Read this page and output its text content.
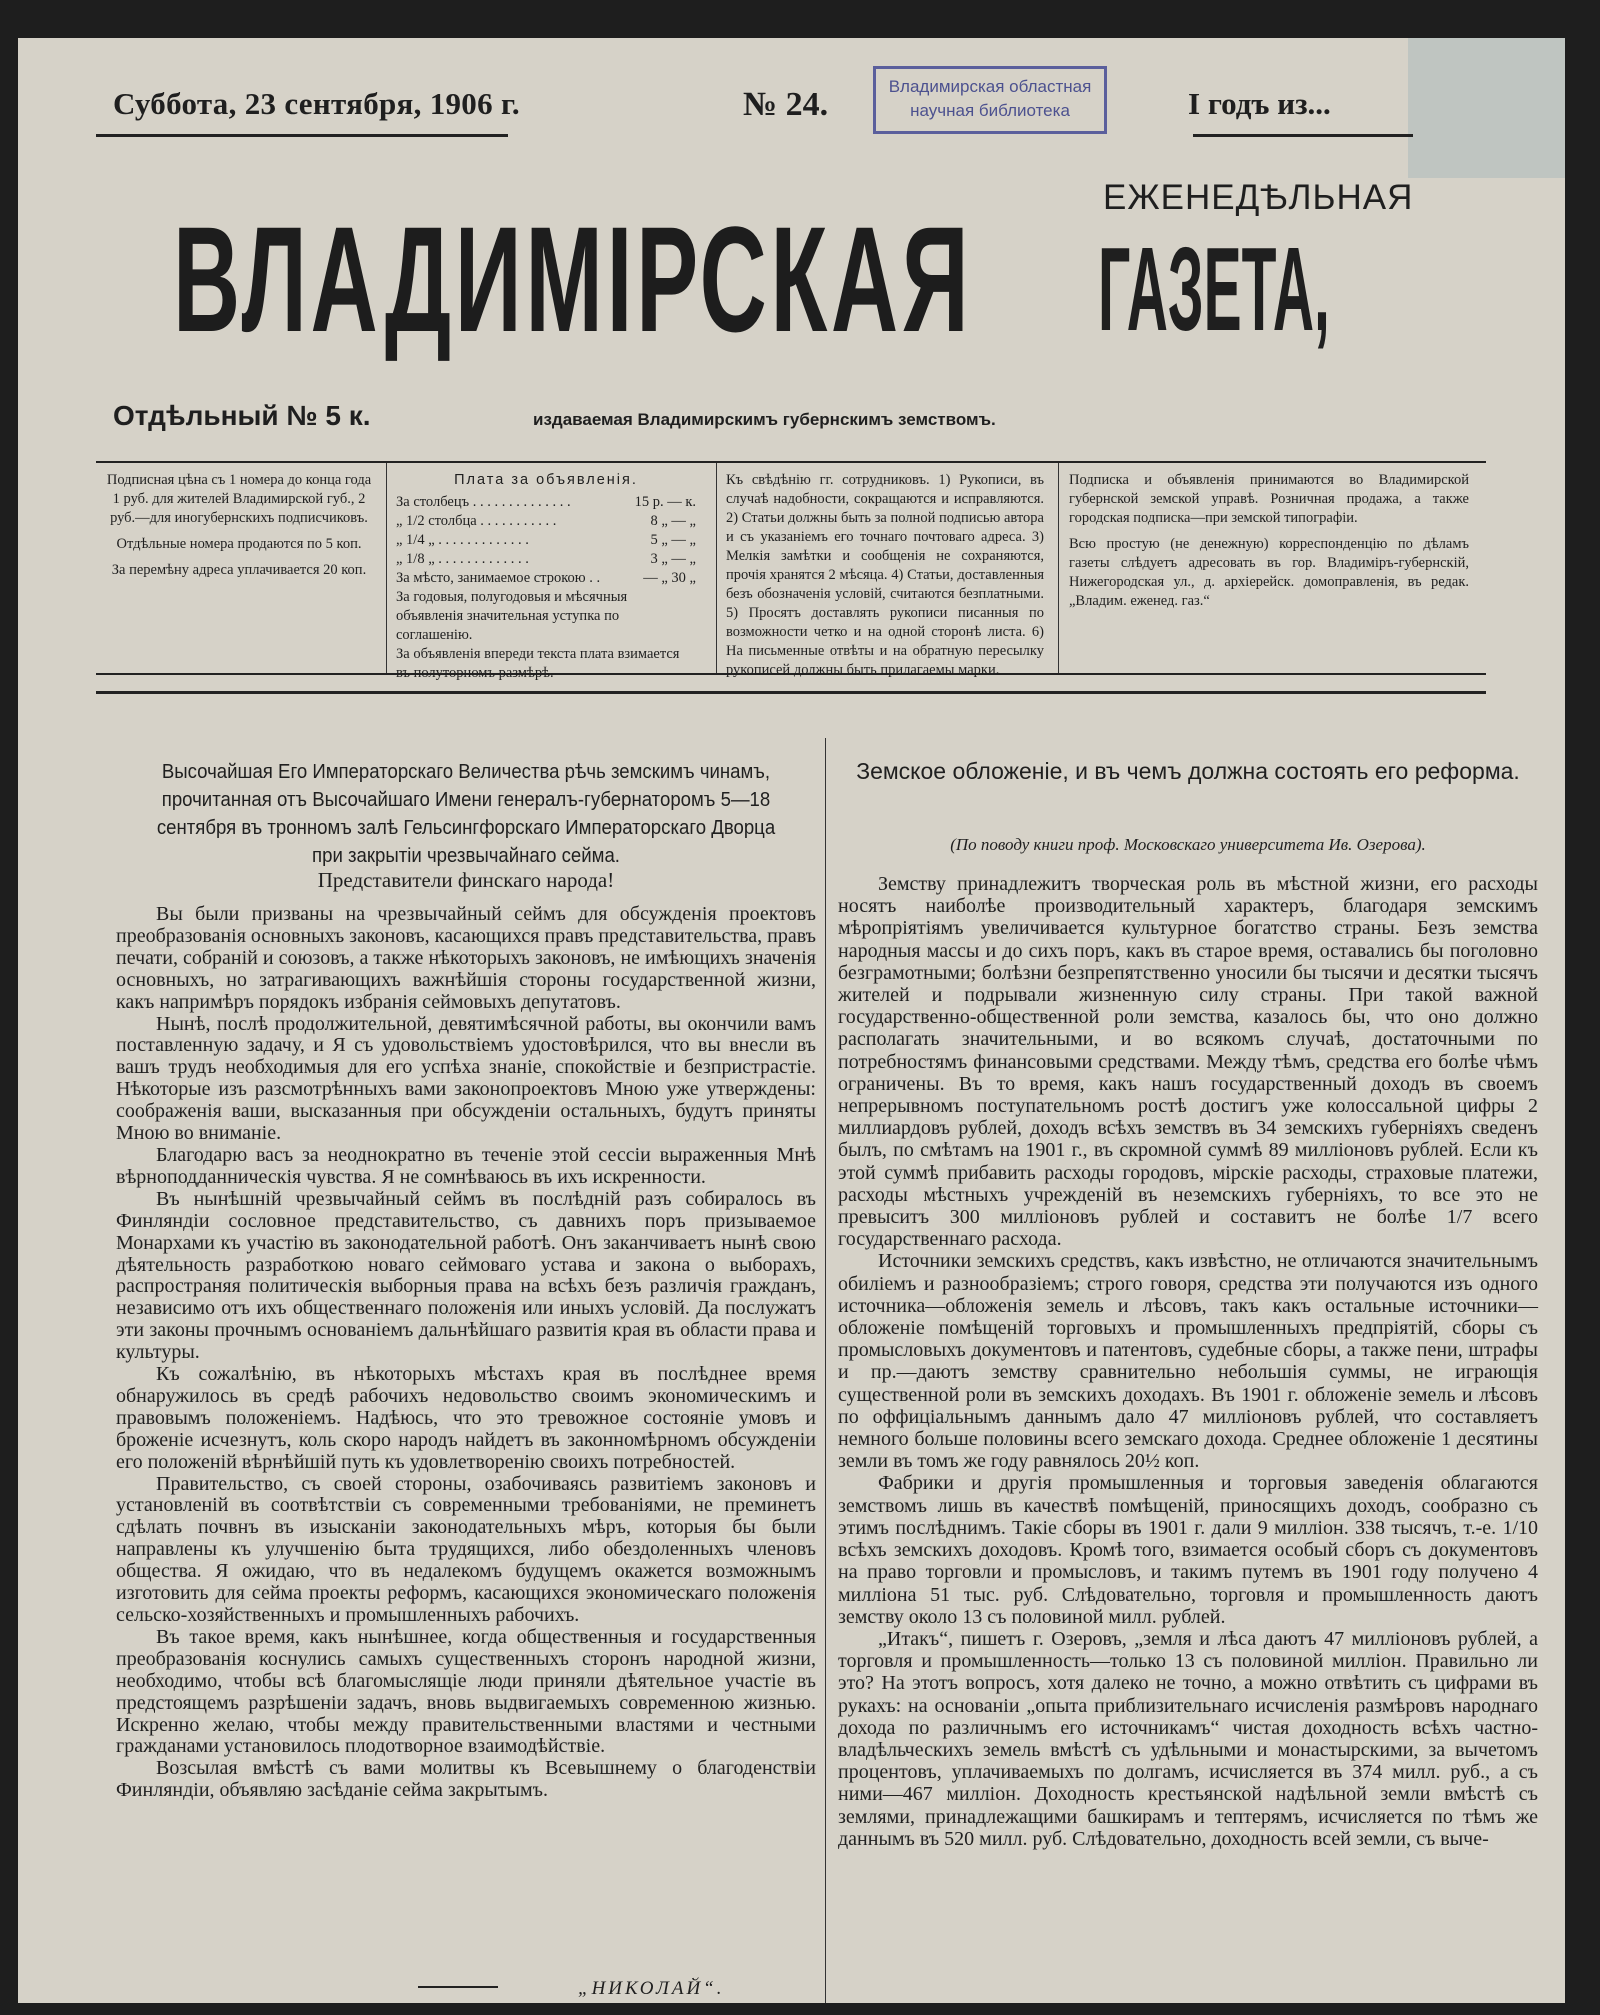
Суббота, 23 сентября, 1906 г.	№ 24.	Владимирская областная
научная библиотека	I годъ из...
ВЛАДИМIРСКАЯ	ЕЖЕНЕДѢЛЬНАЯ
ГАЗЕТА,
Отдѣльный № 5 к.	издаваемая Владимирскимъ губернскимъ земствомъ.

Подписная цѣна съ 1 номера до конца года 1 руб. для жителей Владимирской губ., 2 руб.—для иногубернскихъ подписчиковъ.

Отдѣльные номера продаются по 5 коп.

За перемѣну адреса уплачивается 20 коп.

Плата за объявленія.
За столбецъ . . . . . . . . . . . . . .	15 р. — к.
„ 1/2 столбца . . . . . . . . . . .	8 „ — „
„ 1/4 „ . . . . . . . . . . . . .	5 „ — „
„ 1/8 „ . . . . . . . . . . . . .	3 „ — „
За мѣсто, занимаемое строкою . .	— „ 30 „
За годовыя, полугодовыя и мѣсячныя объявленія значительная уступка по соглашенію.
За объявленія впереди текста плата взимается въ полуторномъ размѣрѣ.
Къ свѣдѣнію гг. сотрудниковъ. 1) Рукописи, въ случаѣ надобности, сокращаются и исправляются. 2) Статьи должны быть за полной подписью автора и съ указаніемъ его точнаго почтоваго адреса. 3) Мелкія замѣтки и сообщенія не сохраняются, прочія хранятся 2 мѣсяца. 4) Статьи, доставленныя безъ обозначенія условій, считаются безплатными. 5) Просятъ доставлять рукописи писанныя по возможности четко и на одной сторонѣ листа. 6) На письменные отвѣты и на обратную пересылку рукописей должны быть прилагаемы марки.

Подписка и объявленія принимаются во Владимирской губернской земской управѣ. Розничная продажа, а также городская подписка—при земской типографіи.

Всю простую (не денежную) корреспонденцію по дѣламъ газеты слѣдуетъ адресовать въ гор. Владимiръ-губернскій, Нижегородская ул., д. архіерейск. домоправленія, въ редак. „Владим. еженед. газ.“

Высочайшая Его Императорскаго Величества рѣчь земскимъ чинамъ, прочитанная отъ Высочайшаго Имени генералъ-губернаторомъ 5—18 сентября въ тронномъ залѣ Гельсингфорскаго Императорскаго Дворца при закрытіи чрезвычайнаго сейма.
Представители финскаго народа!

Вы были призваны на чрезвычайный сеймъ для обсужденія проектовъ преобразованія основныхъ законовъ, касающихся правъ представительства, правъ печати, собраній и союзовъ, а также нѣкоторыхъ законовъ, не имѣющихъ значенія основныхъ, но затрагивающихъ важнѣйшія стороны государственной жизни, какъ напримѣръ порядокъ избранія сеймовыхъ депутатовъ.

Нынѣ, послѣ продолжительной, девятимѣсячной работы, вы окончили вамъ поставленную задачу, и Я съ удовольствіемъ удостовѣрился, что вы внесли въ вашъ трудъ необходимыя для его успѣха знаніе, спокойствіе и безпристрастіе. Нѣкоторые изъ разсмотрѣнныхъ вами законопроектовъ Мною уже утверждены: соображенія ваши, высказанныя при обсужденіи остальныхъ, будутъ приняты Мною во вниманіе.

Благодарю васъ за неоднократно въ теченіе этой сессіи выраженныя Мнѣ вѣрноподданническія чувства. Я не сомнѣваюсь въ ихъ искренности.

Въ нынѣшній чрезвычайный сеймъ въ послѣдній разъ собиралось въ Финляндіи сословное представительство, съ давнихъ поръ призываемое Монархами къ участію въ законодательной работѣ. Онъ заканчиваетъ нынѣ свою дѣятельность разработкою новаго сеймоваго устава и закона о выборахъ, распространяя политическія выборныя права на всѣхъ безъ различія гражданъ, независимо отъ ихъ общественнаго положенія или иныхъ условій. Да послужатъ эти законы прочнымъ основаніемъ дальнѣйшаго развитія края въ области права и культуры.

Къ сожалѣнію, въ нѣкоторыхъ мѣстахъ края въ послѣднее время обнаружилось въ средѣ рабочихъ недовольство своимъ экономическимъ и правовымъ положеніемъ. Надѣюсь, что это тревожное состояніе умовъ и броженіе исчезнутъ, коль скоро народъ найдетъ въ законномѣрномъ обсужденіи его положеній вѣрнѣйшій путь къ удовлетворенію своихъ потребностей.

Правительство, съ своей стороны, озабочиваясь развитіемъ законовъ и установленій въ соотвѣтствіи съ современными требованіями, не преминетъ сдѣлать почвнъ въ изысканіи законодательныхъ мѣръ, которыя бы были направлены къ улучшенію быта трудящихся, либо обездоленныхъ членовъ общества. Я ожидаю, что въ недалекомъ будущемъ окажется возможнымъ изготовить для сейма проекты реформъ, касающихся экономическаго положенія сельско-хозяйственныхъ и промышленныхъ рабочихъ.

Въ такое время, какъ нынѣшнее, когда общественныя и государственныя преобразованія коснулись самыхъ существенныхъ сторонъ народной жизни, необходимо, чтобы всѣ благомыслящіе люди приняли дѣятельное участіе въ предстоящемъ разрѣшеніи задачъ, вновь выдвигаемыхъ современною жизнью. Искренно желаю, чтобы между правительственными властями и честными гражданами установилось плодотворное взаимодѣйствіе.

Возсылая вмѣстѣ съ вами молитвы къ Всевышнему о благоденствіи Финляндіи, объявляю засѣданіе сейма закрытымъ.

„НИКОЛАЙ“.
Земское обложеніе, и въ чемъ должна состоять его реформа.
(По поводу книги проф. Московскаго университета Ив. Озерова).

Земству принадлежитъ творческая роль въ мѣстной жизни, его расходы носятъ наиболѣе производительный характеръ, благодаря земскимъ мѣропріятіямъ увеличивается культурное богатство страны. Безъ земства народныя массы и до сихъ поръ, какъ въ старое время, оставались бы поголовно безграмотными; болѣзни безпрепятственно уносили бы тысячи и десятки тысячъ жителей и подрывали жизненную силу страны. При такой важной государственно-общественной роли земства, казалось бы, что оно должно располагать значительными, и во всякомъ случаѣ, достаточными по потребностямъ финансовыми средствами. Между тѣмъ, средства его болѣе чѣмъ ограничены. Въ то время, какъ нашъ государственный доходъ въ своемъ непрерывномъ поступательномъ ростѣ достигъ уже колоссальной цифры 2 миллиардовъ рублей, доходъ всѣхъ земствъ въ 34 земскихъ губерніяхъ сведенъ былъ, по смѣтамъ на 1901 г., въ скромной суммѣ 89 милліоновъ рублей. Если къ этой суммѣ прибавить расходы городовъ, мірскіе расходы, страховые платежи, расходы мѣстныхъ учрежденій въ неземскихъ губерніяхъ, то все это не превыситъ 300 милліоновъ рублей и составитъ не болѣе 1/7 всего государственнаго расхода.

Источники земскихъ средствъ, какъ извѣстно, не отличаются значительнымъ обиліемъ и разнообразіемъ; строго говоря, средства эти получаются изъ одного источника—обложенія земель и лѣсовъ, такъ какъ остальные источники—обложеніе помѣщеній торговыхъ и промышленныхъ предпріятій, сборы съ промысловыхъ документовъ и патентовъ, судебные сборы, а также пени, штрафы и пр.—даютъ земству сравнительно небольшія суммы, не играющія существенной роли въ земскихъ доходахъ. Въ 1901 г. обложеніе земель и лѣсовъ по оффиціальнымъ даннымъ дало 47 милліоновъ рублей, что составляетъ немного больше половины всего земскаго дохода. Среднее обложеніе 1 десятины земли въ томъ же году равнялось 20½ коп.

Фабрики и другія промышленныя и торговыя заведенія облагаются земствомъ лишь въ качествѣ помѣщеній, приносящихъ доходъ, сообразно съ этимъ послѣднимъ. Такіе сборы въ 1901 г. дали 9 милліон. 338 тысячъ, т.-е. 1/10 всѣхъ земскихъ доходовъ. Кромѣ того, взимается особый сборъ съ документовъ на право торговли и промысловъ, и такимъ путемъ въ 1901 году получено 4 милліона 51 тыс. руб. Слѣдовательно, торговля и промышленность даютъ земству около 13 съ половиной милл. рублей.

„Итакъ“, пишетъ г. Озеровъ, „земля и лѣса даютъ 47 милліоновъ рублей, а торговля и промышленность—только 13 съ половиной милліон. Правильно ли это? На этотъ вопросъ, хотя далеко не точно, а можно отвѣтить съ цифрами въ рукахъ: на основаніи „опыта приблизительнаго исчисленія размѣровъ народнаго дохода по различнымъ его источникамъ“ чистая доходность всѣхъ частно-владѣльческихъ земель вмѣстѣ съ удѣльными и монастырскими, за вычетомъ процентовъ, уплачиваемыхъ по долгамъ, исчисляется въ 374 милл. руб., а съ ними—467 милліон. Доходность крестьянской надѣльной земли вмѣстѣ съ землями, принадлежащими башкирамъ и тептерямъ, исчисляется по тѣмъ же даннымъ въ 520 милл. руб. Слѣдовательно, доходность всей земли, съ выче-
